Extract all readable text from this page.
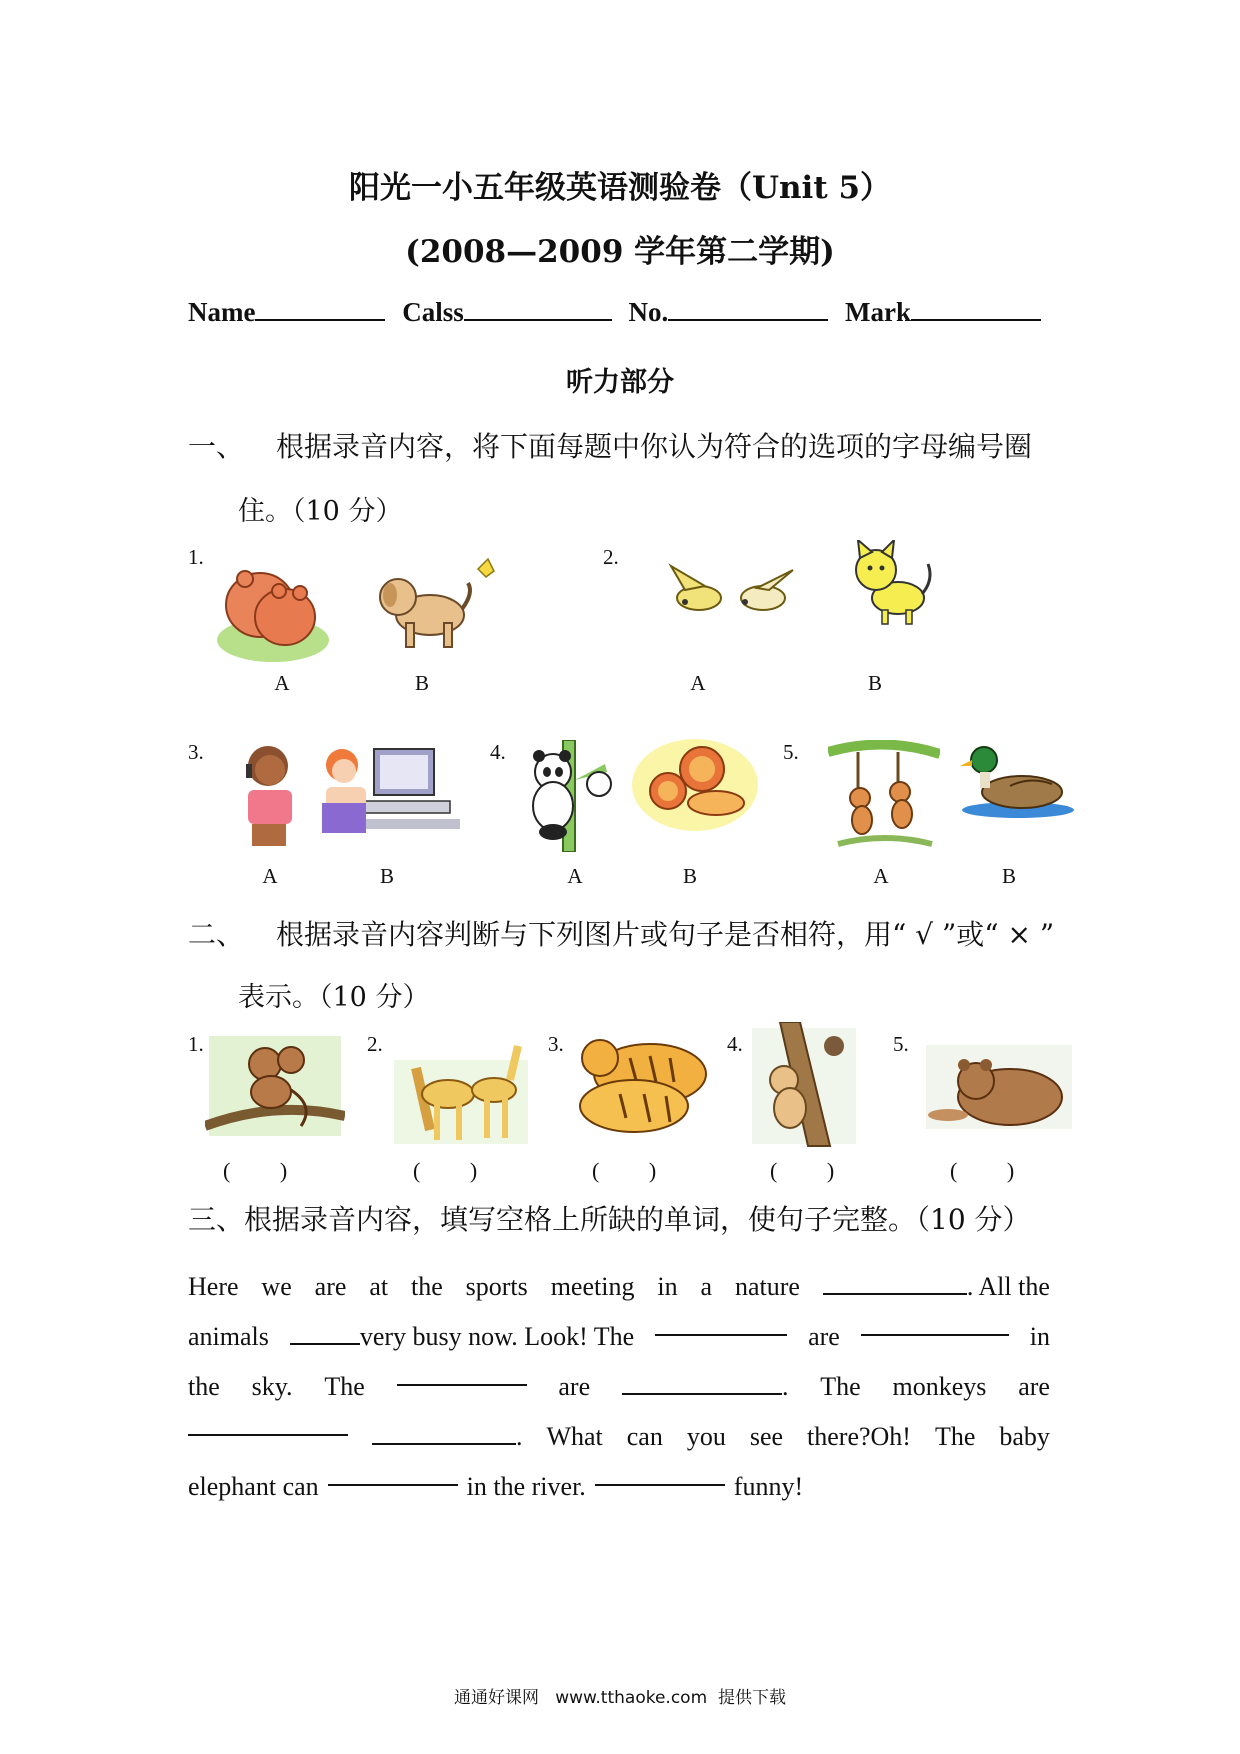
阳光一小五年级英语测验卷（Unit 5）
(2008—2009 学年第二学期)
Name	Calss	No.	Mark
听力部分
一、 根据录音内容，将下面每题中你认为符合的选项的字母编号圈
住。（10 分）
1.
A	B
2.
A	B
3.
A	B
4.
A	B
5.
A	B
二、 根据录音内容判断与下列图片或句子是否相符，用“ √ ”或“ × ”
表示。（10 分）
1.
(         )
2.
(         )
3.
(         )
4.
(         )
5.
(         )
三、根据录音内容，填写空格上所缺的单词，使句子完整。（10 分）
Here we are at the sports meeting in a nature	. All the
animals	very busy now. Look! The	are	in
the sky. The	are	. The monkeys are
. What can you see there?Oh! The baby
elephant can	in the river.	funny!
通通好课网   www.tthaoke.com  提供下载
